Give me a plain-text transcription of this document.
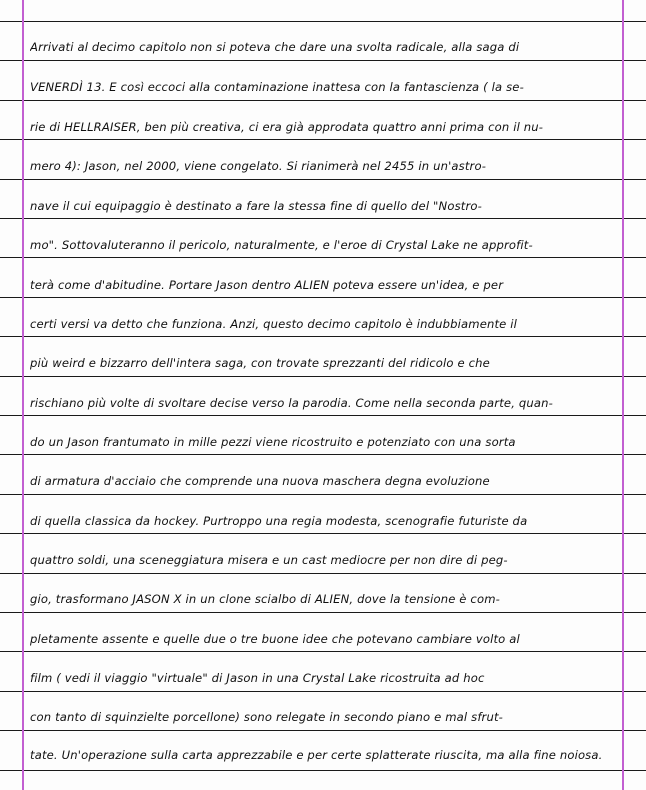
Arrivati al decimo capitolo non si poteva che dare una svolta radicale, alla saga di
VENERDÌ 13. E così eccoci alla contaminazione inattesa con la fantascienza ( la se-
rie di HELLRAISER, ben più creativa, ci era già approdata quattro anni prima con il nu-
mero 4): Jason, nel 2000, viene congelato. Si rianimerà nel 2455 in un'astro-
nave il cui equipaggio è destinato a fare la stessa fine di quello del "Nostro-
mo". Sottovaluteranno il pericolo, naturalmente, e l'eroe di Crystal Lake ne approfit-
terà come d'abitudine. Portare Jason dentro ALIEN poteva essere un'idea, e per
certi versi va detto che funziona. Anzi, questo decimo capitolo è indubbiamente il
più weird e bizzarro dell'intera saga, con trovate sprezzanti del ridicolo e che
rischiano più volte di svoltare decise verso la parodia. Come nella seconda parte, quan-
do un Jason frantumato in mille pezzi viene ricostruito e potenziato con una sorta
di armatura d'acciaio che comprende una nuova maschera degna evoluzione
di quella classica da hockey. Purtroppo una regia modesta, scenografie futuriste da
quattro soldi, una sceneggiatura misera e un cast mediocre per non dire di peg-
gio, trasformano JASON X in un clone scialbo di ALIEN, dove la tensione è com-
pletamente assente e quelle due o tre buone idee che potevano cambiare volto al
film ( vedi il viaggio "virtuale" di Jason in una Crystal Lake ricostruita ad hoc
con tanto di squinzielte porcellone) sono relegate in secondo piano e mal sfrut-
tate. Un'operazione sulla carta apprezzabile e per certe splatterate riuscita, ma alla fine noiosa.
